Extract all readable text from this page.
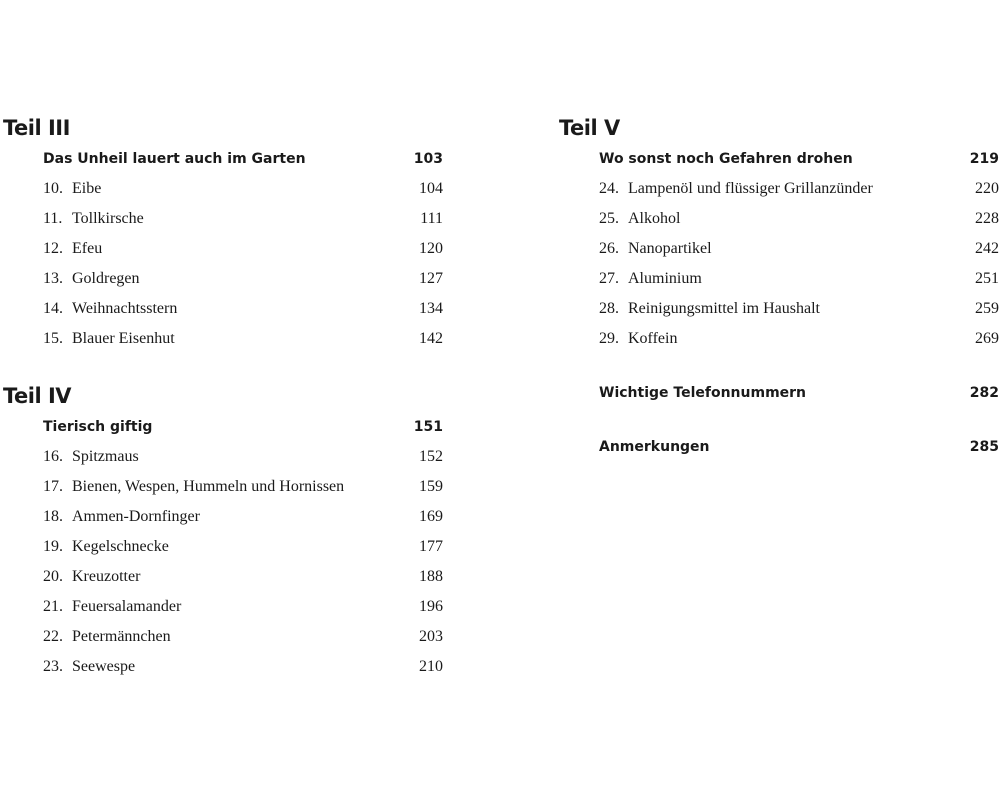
Teil III
Das Unheil lauert auch im Garten	103
10. Eibe	104
11. Tollkirsche	111
12. Efeu	120
13. Goldregen	127
14. Weihnachtsstern	134
15. Blauer Eisenhut	142
Teil IV
Tierisch giftig	151
16. Spitzmaus	152
17. Bienen, Wespen, Hummeln und Hornissen	159
18. Ammen-Dornfinger	169
19. Kegelschnecke	177
20. Kreuzotter	188
21. Feuersalamander	196
22. Petermännchen	203
23. Seewespe	210
Teil V
Wo sonst noch Gefahren drohen	219
24. Lampenöl und flüssiger Grillanzünder	220
25. Alkohol	228
26. Nanopartikel	242
27. Aluminium	251
28. Reinigungsmittel im Haushalt	259
29. Koffein	269
Wichtige Telefonnummern	282
Anmerkungen	285
